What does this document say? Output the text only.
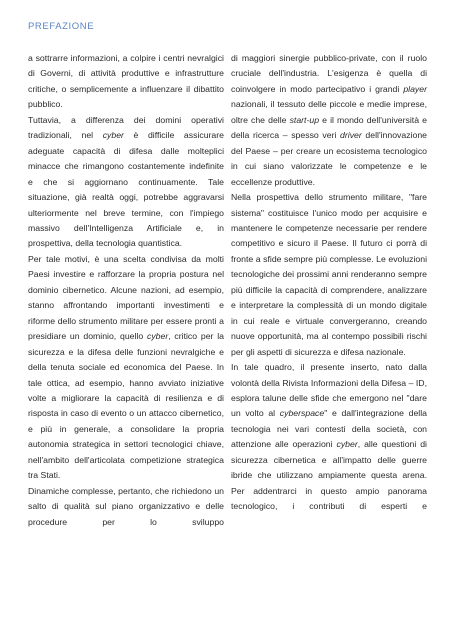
PREFAZIONE

a sottrarre informazioni, a colpire i centri nevralgici di Governi, di attività produttive e infrastrutture critiche, o semplicemente a influenzare il dibattito pubblico.

Tuttavia, a differenza dei domini operativi tradizionali, nel cyber è difficile assicurare adeguate capacità di difesa dalle molteplici minacce che rimangono costantemente indefinite e che si aggiornano continuamente. Tale situazione, già realtà oggi, potrebbe aggravarsi ulteriormente nel breve termine, con l'impiego massivo dell'Intelligenza Artificiale e, in prospettiva, della tecnologia quantistica.

Per tale motivi, è una scelta condivisa da molti Paesi investire e rafforzare la propria postura nel dominio cibernetico. Alcune nazioni, ad esempio, stanno affrontando importanti investimenti e riforme dello strumento militare per essere pronti a presidiare un dominio, quello cyber, critico per la sicurezza e la difesa delle funzioni nevralgiche e della tenuta sociale ed economica del Paese. In tale ottica, ad esempio, hanno avviato iniziative volte a migliorare la capacità di resilienza e di risposta in caso di evento o un attacco cibernetico, e più in generale, a consolidare la propria autonomia strategica in settori tecnologici chiave, nell'ambito dell'articolata competizione strategica tra Stati.

Dinamiche complesse, pertanto, che richiedono un salto di qualità sul piano organizzativo e delle procedure per lo sviluppo

di maggiori sinergie pubblico-private, con il ruolo cruciale dell'industria. L'esigenza è quella di coinvolgere in modo partecipativo i grandi player nazionali, il tessuto delle piccole e medie imprese, oltre che delle start-up e il mondo dell'università e della ricerca – spesso veri driver dell'innovazione del Paese – per creare un ecosistema tecnologico in cui siano valorizzate le competenze e le eccellenze produttive.

Nella prospettiva dello strumento militare, "fare sistema" costituisce l'unico modo per acquisire e mantenere le competenze necessarie per rendere competitivo e sicuro il Paese. Il futuro ci porrà di fronte a sfide sempre più complesse. Le evoluzioni tecnologiche dei prossimi anni renderanno sempre più difficile la capacità di comprendere, analizzare e interpretare la complessità di un mondo digitale in cui reale e virtuale convergeranno, creando nuove opportunità, ma al contempo possibili rischi per gli aspetti di sicurezza e difesa nazionale.

In tale quadro, il presente inserto, nato dalla volontà della Rivista Informazioni della Difesa – ID, esplora talune delle sfide che emergono nel "dare un volto al cyberspace" e dall'integrazione della tecnologia nei vari contesti della società, con attenzione alle operazioni cyber, alle questioni di sicurezza cibernetica e all'impatto delle guerre ibride che utilizzano ampiamente questa arena. Per addentrarci in questo ampio panorama tecnologico, i contributi di esperti e
